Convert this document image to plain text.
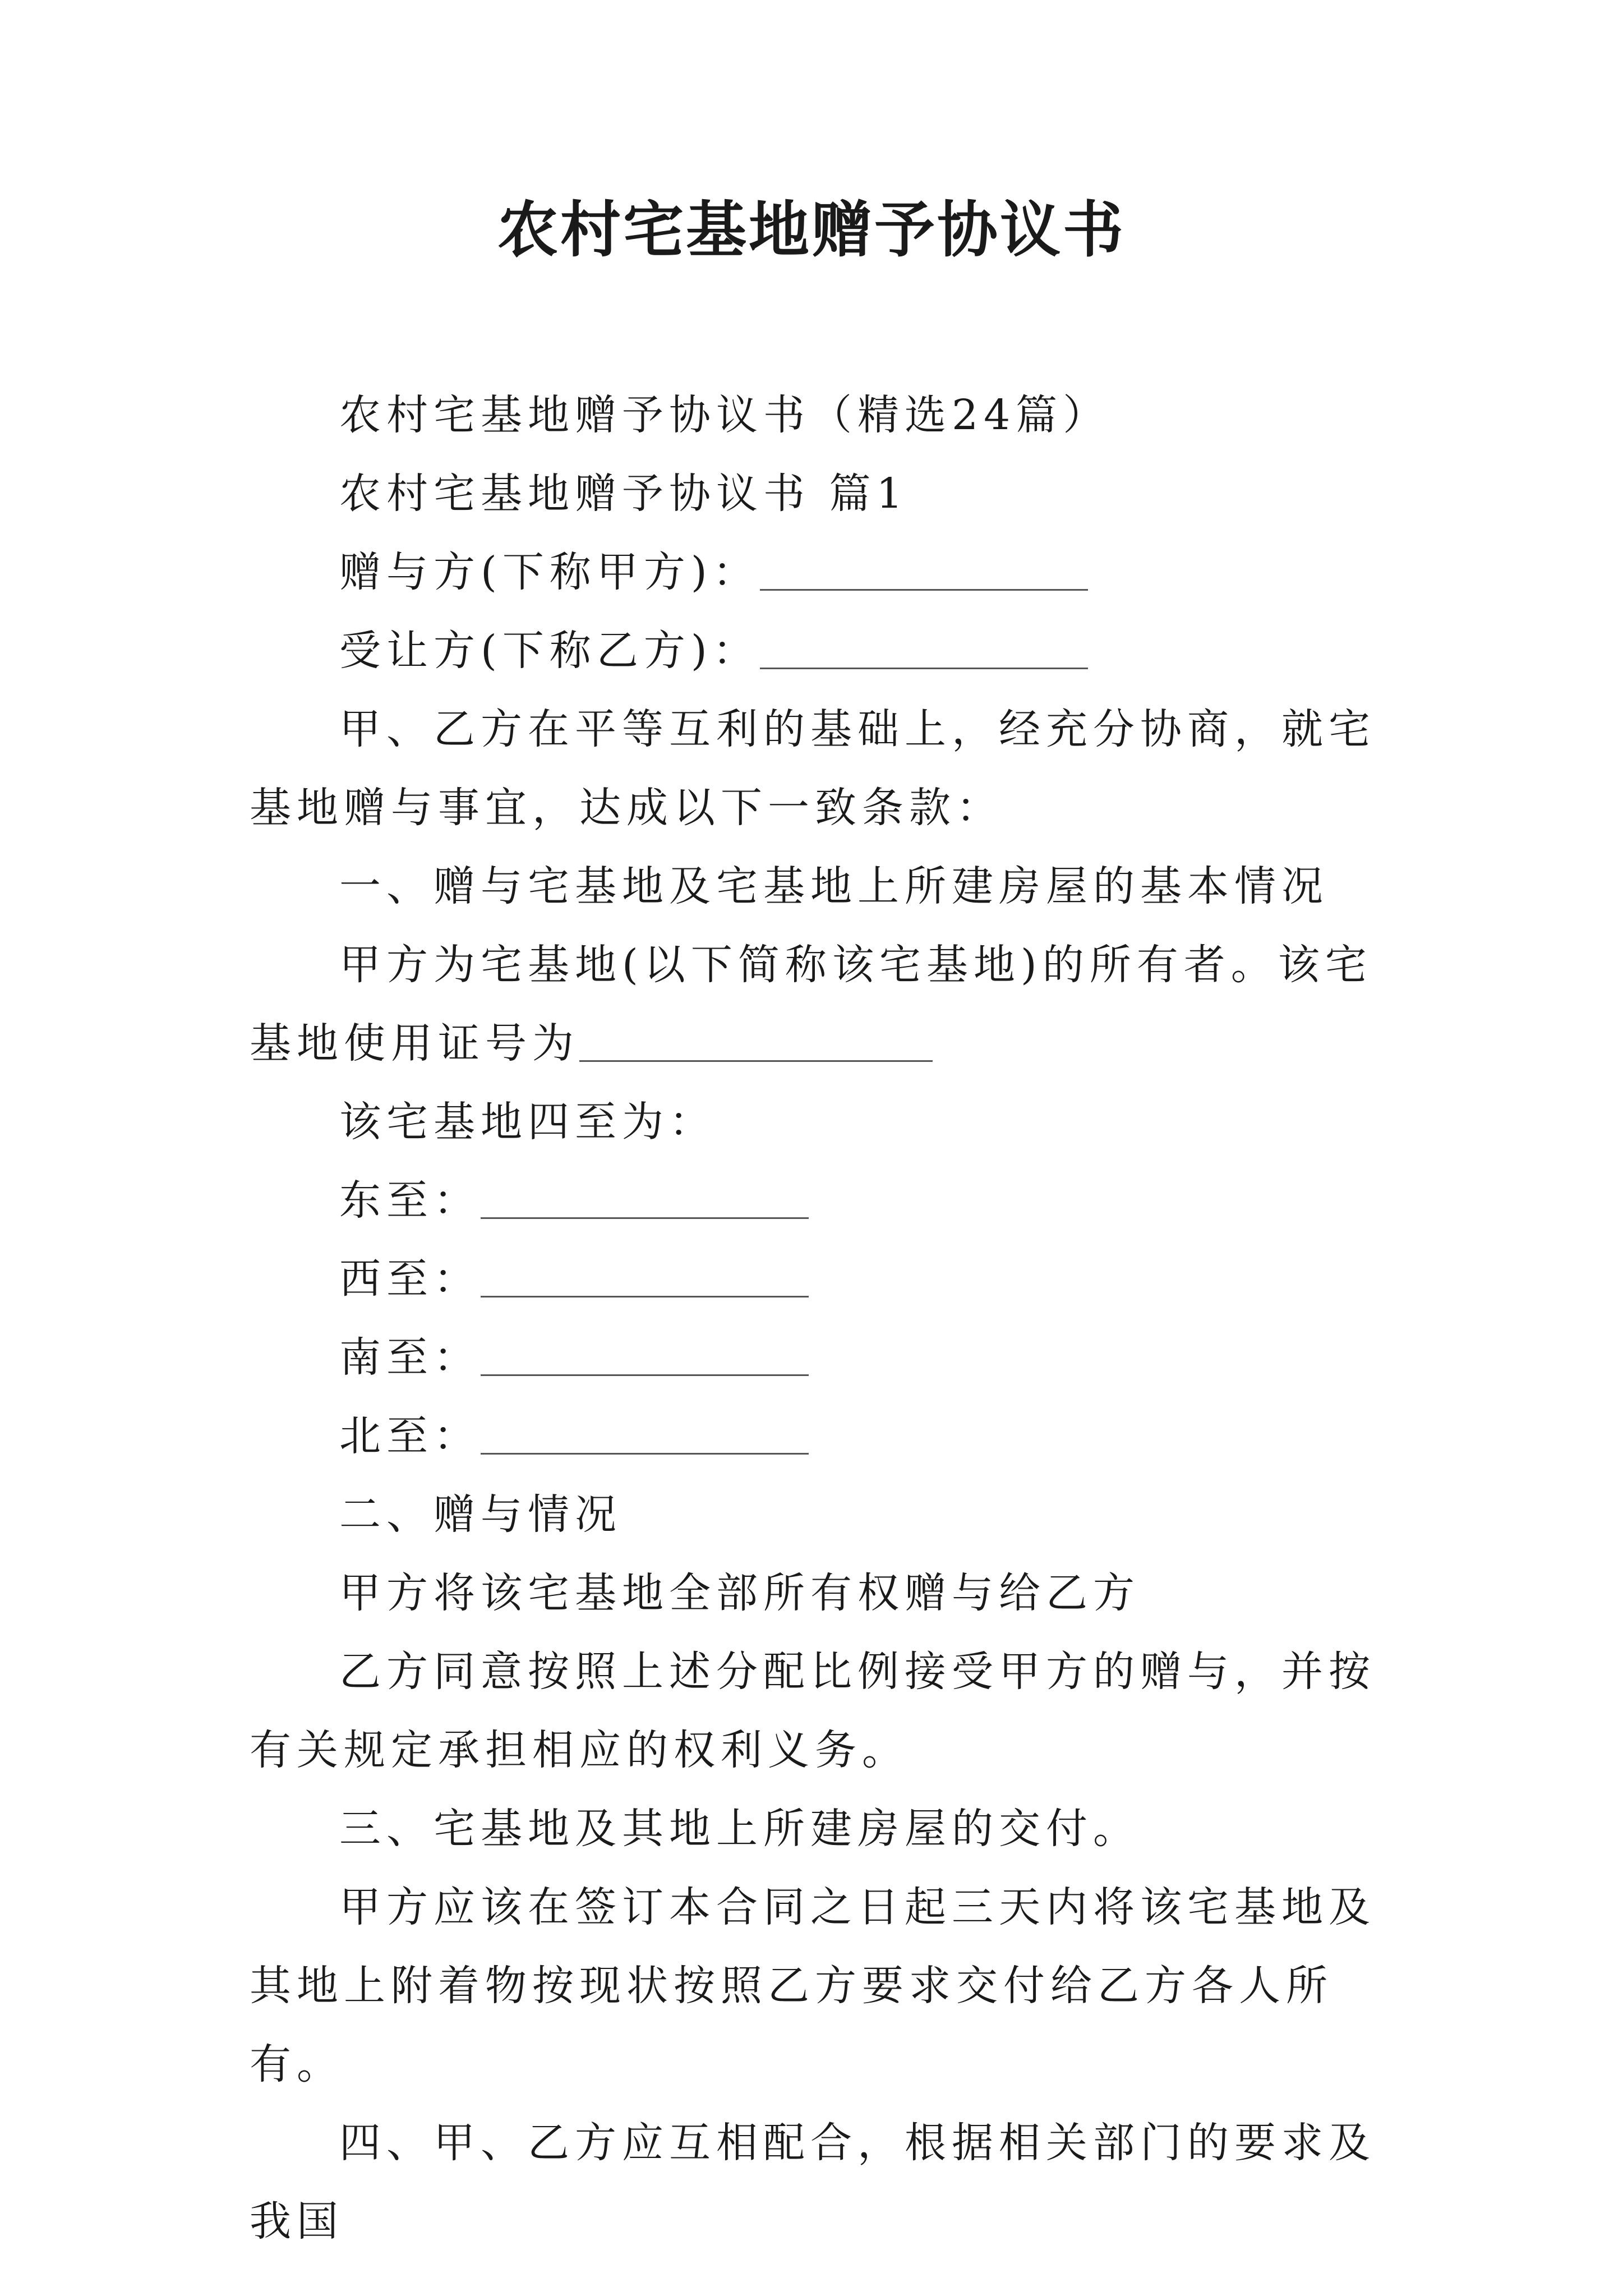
农村宅基地赠予协议书

农村宅基地赠予协议书（精选24篇）

农村宅基地赠予协议书 篇1

赠与方(下称甲方)：

受让方(下称乙方)：

甲、乙方在平等互利的基础上，经充分协商，就宅基地赠与事宜，达成以下一致条款：

一、赠与宅基地及宅基地上所建房屋的基本情况

甲方为宅基地(以下简称该宅基地)的所有者。该宅基地使用证号为

该宅基地四至为：

东至：

西至：

南至：

北至：

二、赠与情况

甲方将该宅基地全部所有权赠与给乙方

乙方同意按照上述分配比例接受甲方的赠与，并按有关规定承担相应的权利义务。

三、宅基地及其地上所建房屋的交付。

甲方应该在签订本合同之日起三天内将该宅基地及其地上附着物按现状按照乙方要求交付给乙方各人所有。

四、甲、乙方应互相配合，根据相关部门的要求及我国
